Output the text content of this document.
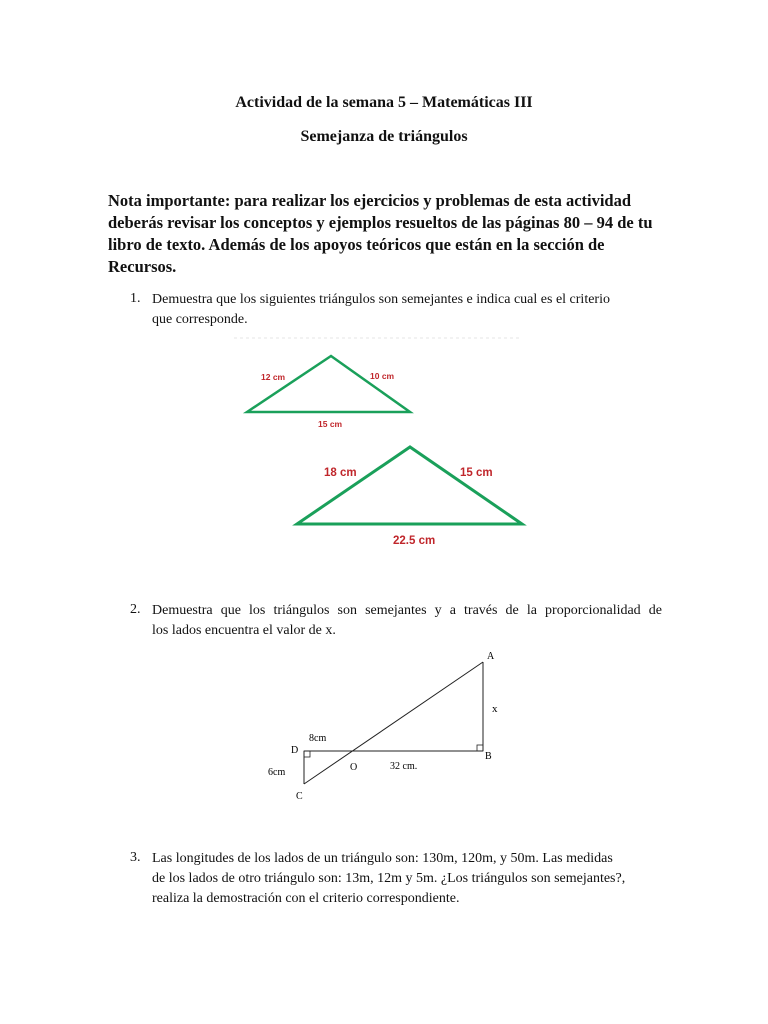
Actividad de la semana 5 – Matemáticas III
Semejanza de triángulos
Nota importante: para realizar los ejercicios y problemas de esta actividad
deberás revisar los conceptos y ejemplos resueltos de las páginas 80 – 94 de tu
libro de texto. Además de los apoyos teóricos que están en la sección de
Recursos.
1. Demuestra que los siguientes triángulos son semejantes e indica cual es el criterio
que corresponde.
12 cm	10 cm
15 cm
18 cm	15 cm
22.5 cm
2. Demuestra que los triángulos son semejantes y a través de la proporcionalidad de
los lados encuentra el valor de x.
A
B
C
D
O
x
6cm
8cm
32 cm.
3. Las longitudes de los lados de un triángulo son: 130m, 120m, y 50m. Las medidas
de los lados de otro triángulo son: 13m, 12m y 5m. ¿Los triángulos son semejantes?,
realiza la demostración con el criterio correspondiente.
